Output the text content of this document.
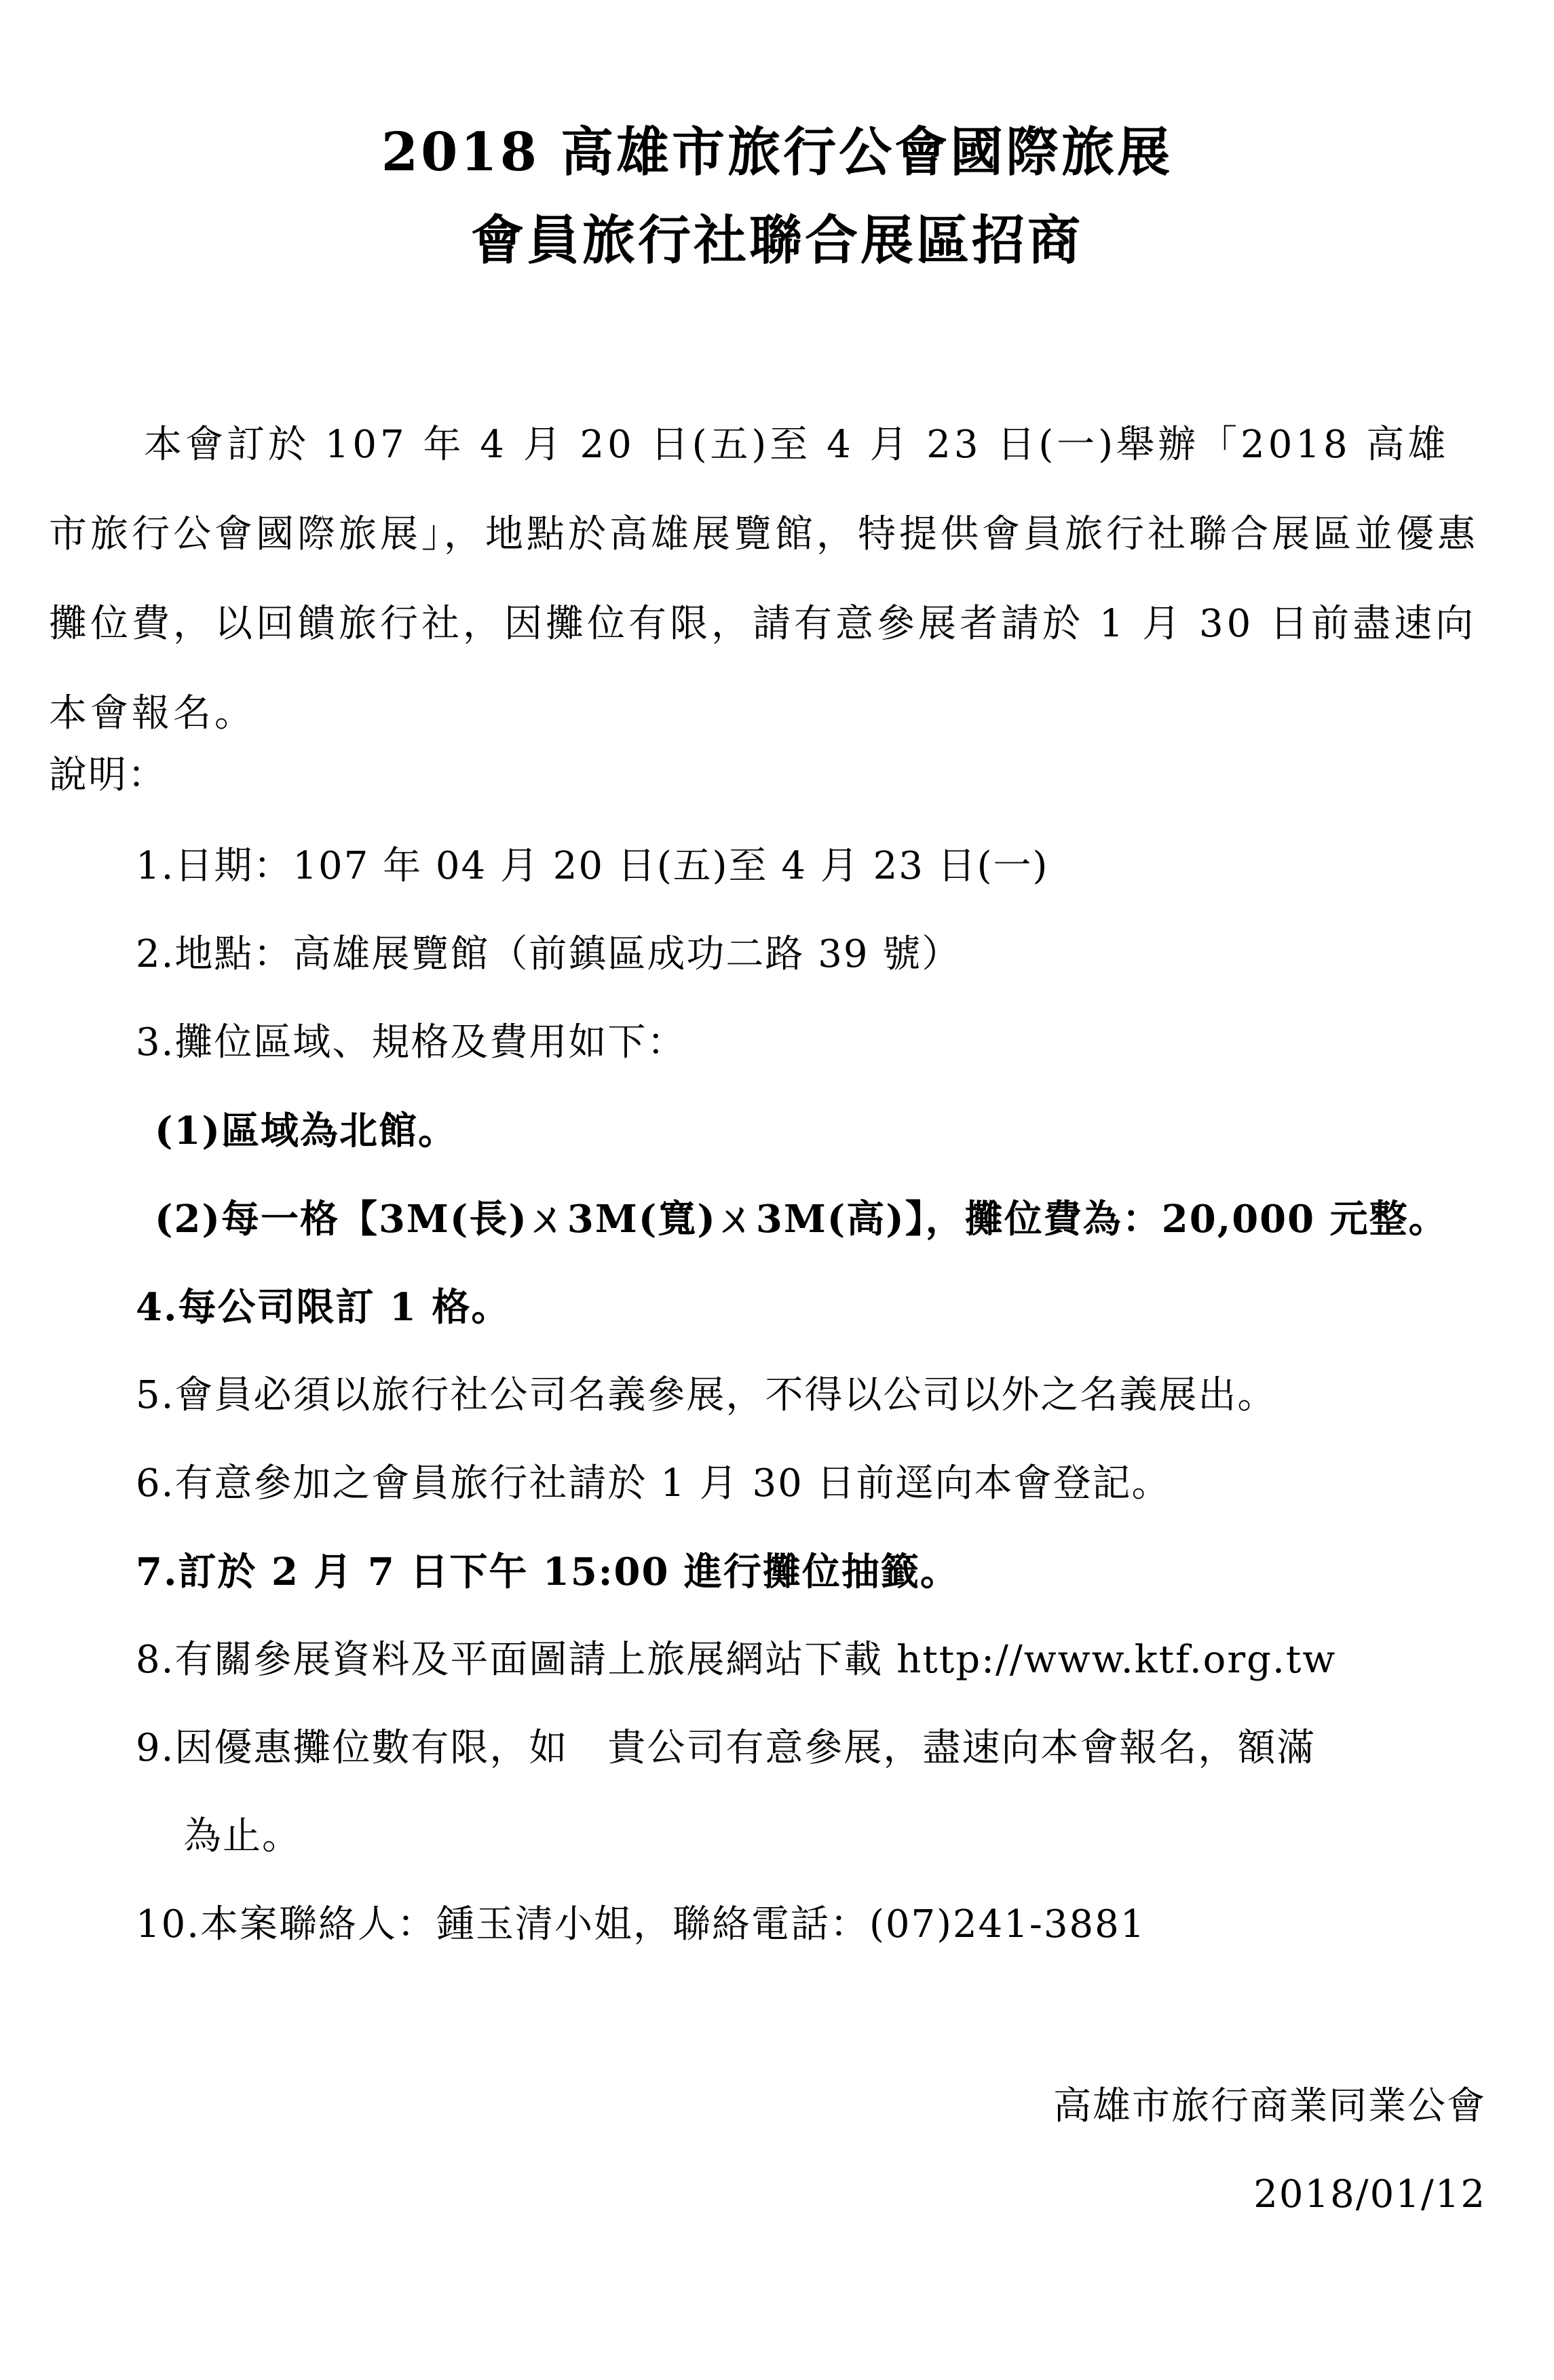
2018 高雄市旅行公會國際旅展
會員旅行社聯合展區招商
本會訂於 107 年 4 月 20 日(五)至 4 月 23 日(一)舉辦「2018 高雄市旅行公會國際旅展」，地點於高雄展覽館，特提供會員旅行社聯合展區並優惠攤位費，以回饋旅行社，因攤位有限，請有意參展者請於 1 月 30 日前盡速向本會報名。
說明：
1.日期：107 年 04 月 20 日(五)至 4 月 23 日(一)
2.地點：高雄展覽館（前鎮區成功二路 39 號）
3.攤位區域、規格及費用如下：
(1)區域為北館。
(2)每一格【3M(長)ㄨ3M(寬)ㄨ3M(高)】，攤位費為：20,000 元整。
4.每公司限訂 1 格。
5.會員必須以旅行社公司名義參展，不得以公司以外之名義展出。
6.有意參加之會員旅行社請於 1 月 30 日前逕向本會登記。
7.訂於 2 月 7 日下午 15:00 進行攤位抽籤。
8.有關參展資料及平面圖請上旅展網站下載 http://www.ktf.org.tw
9.因優惠攤位數有限，如　貴公司有意參展，盡速向本會報名，額滿
為止。
10.本案聯絡人：鍾玉清小姐，聯絡電話：(07)241-3881
高雄市旅行商業同業公會
2018/01/12
